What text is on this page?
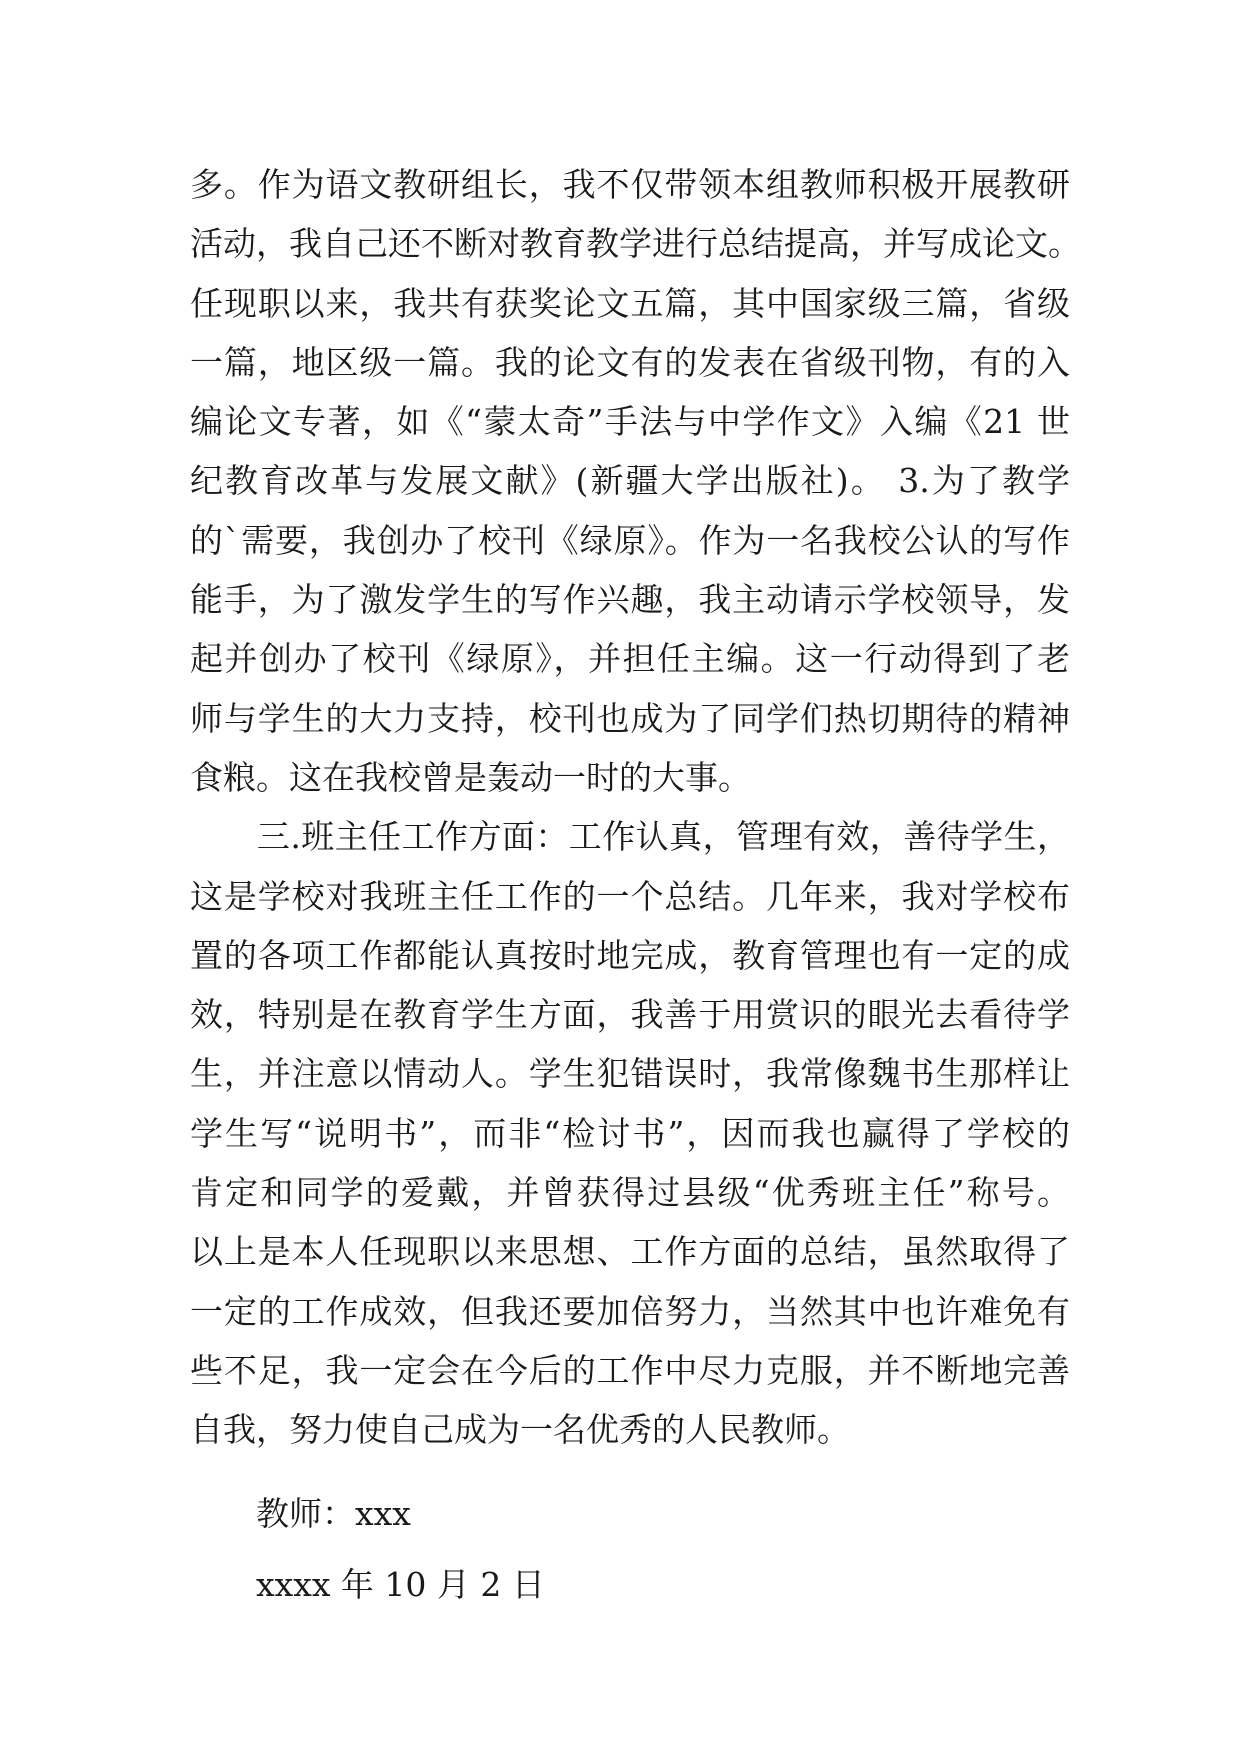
多。作为语文教研组长，我不仅带领本组教师积极开展教研
活动，我自己还不断对教育教学进行总结提高，并写成论文。
任现职以来，我共有获奖论文五篇，其中国家级三篇，省级
一篇，地区级一篇。我的论文有的发表在省级刊物，有的入
编论文专著，如《“蒙太奇”手法与中学作文》入编《21 世
纪教育改革与发展文献》(新疆大学出版社)。 3.为了教学
的`需要，我创办了校刊《绿原》。作为一名我校公认的写作
能手，为了激发学生的写作兴趣，我主动请示学校领导，发
起并创办了校刊《绿原》，并担任主编。这一行动得到了老
师与学生的大力支持，校刊也成为了同学们热切期待的精神
食粮。这在我校曾是轰动一时的大事。
　　三.班主任工作方面：工作认真，管理有效，善待学生，
这是学校对我班主任工作的一个总结。几年来，我对学校布
置的各项工作都能认真按时地完成，教育管理也有一定的成
效，特别是在教育学生方面，我善于用赏识的眼光去看待学
生，并注意以情动人。学生犯错误时，我常像魏书生那样让
学生写“说明书”，而非“检讨书”，因而我也赢得了学校的
肯定和同学的爱戴，并曾获得过县级“优秀班主任”称号。
以上是本人任现职以来思想、工作方面的总结，虽然取得了
一定的工作成效，但我还要加倍努力，当然其中也许难免有
些不足，我一定会在今后的工作中尽力克服，并不断地完善
自我，努力使自己成为一名优秀的人民教师。
教师：xxx
xxxx 年 10 月 2 日
